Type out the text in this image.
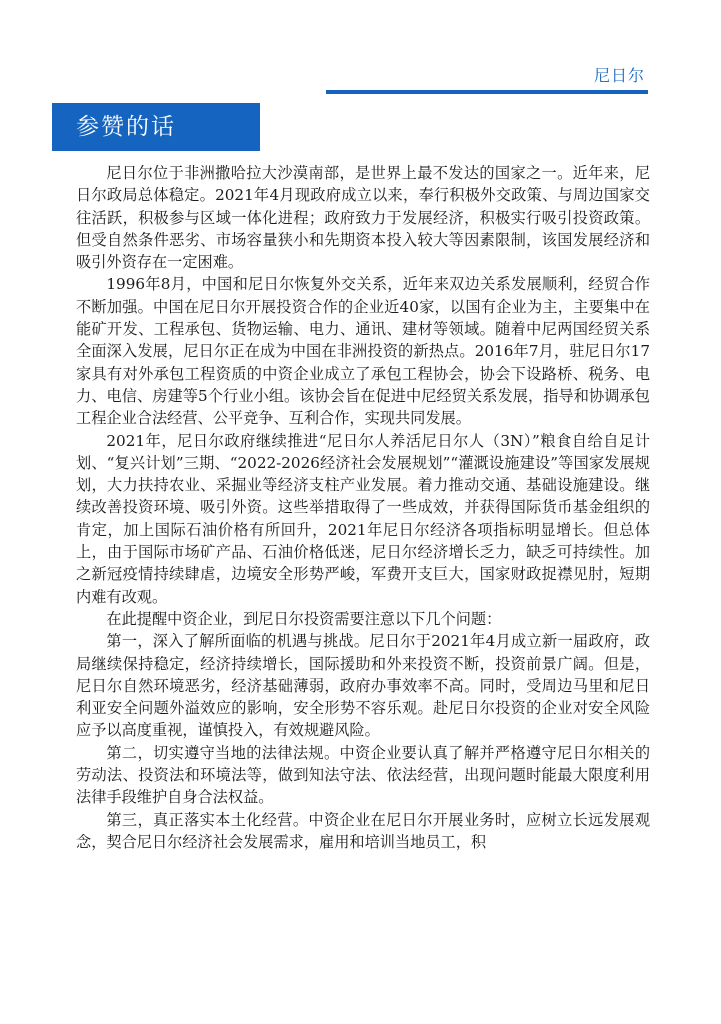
尼日尔
参赞的话

尼日尔位于非洲撒哈拉大沙漠南部，是世界上最不发达的国家之一。近年来，尼日尔政局总体稳定。2021年4月现政府成立以来，奉行积极外交政策、与周边国家交往活跃，积极参与区域一体化进程；政府致力于发展经济，积极实行吸引投资政策。但受自然条件恶劣、市场容量狭小和先期资本投入较大等因素限制，该国发展经济和吸引外资存在一定困难。

1996年8月，中国和尼日尔恢复外交关系，近年来双边关系发展顺利，经贸合作不断加强。中国在尼日尔开展投资合作的企业近40家，以国有企业为主，主要集中在能矿开发、工程承包、货物运输、电力、通讯、建材等领域。随着中尼两国经贸关系全面深入发展，尼日尔正在成为中国在非洲投资的新热点。2016年7月，驻尼日尔17家具有对外承包工程资质的中资企业成立了承包工程协会，协会下设路桥、税务、电力、电信、房建等5个行业小组。该协会旨在促进中尼经贸关系发展，指导和协调承包工程企业合法经营、公平竞争、互利合作，实现共同发展。

2021年，尼日尔政府继续推进“尼日尔人养活尼日尔人（3N）”粮食自给自足计划、“复兴计划”三期、“2022-2026经济社会发展规划”“灌溉设施建设”等国家发展规划，大力扶持农业、采掘业等经济支柱产业发展。着力推动交通、基础设施建设。继续改善投资环境、吸引外资。这些举措取得了一些成效，并获得国际货币基金组织的肯定，加上国际石油价格有所回升，2021年尼日尔经济各项指标明显增长。但总体上，由于国际市场矿产品、石油价格低迷，尼日尔经济增长乏力，缺乏可持续性。加之新冠疫情持续肆虐，边境安全形势严峻，军费开支巨大，国家财政捉襟见肘，短期内难有改观。

在此提醒中资企业，到尼日尔投资需要注意以下几个问题：

第一，深入了解所面临的机遇与挑战。尼日尔于2021年4月成立新一届政府，政局继续保持稳定，经济持续增长，国际援助和外来投资不断，投资前景广阔。但是，尼日尔自然环境恶劣，经济基础薄弱，政府办事效率不高。同时，受周边马里和尼日利亚安全问题外溢效应的影响，安全形势不容乐观。赴尼日尔投资的企业对安全风险应予以高度重视，谨慎投入，有效规避风险。

第二，切实遵守当地的法律法规。中资企业要认真了解并严格遵守尼日尔相关的劳动法、投资法和环境法等，做到知法守法、依法经营，出现问题时能最大限度利用法律手段维护自身合法权益。

第三，真正落实本土化经营。中资企业在尼日尔开展业务时，应树立长远发展观念，契合尼日尔经济社会发展需求，雇用和培训当地员工，积
